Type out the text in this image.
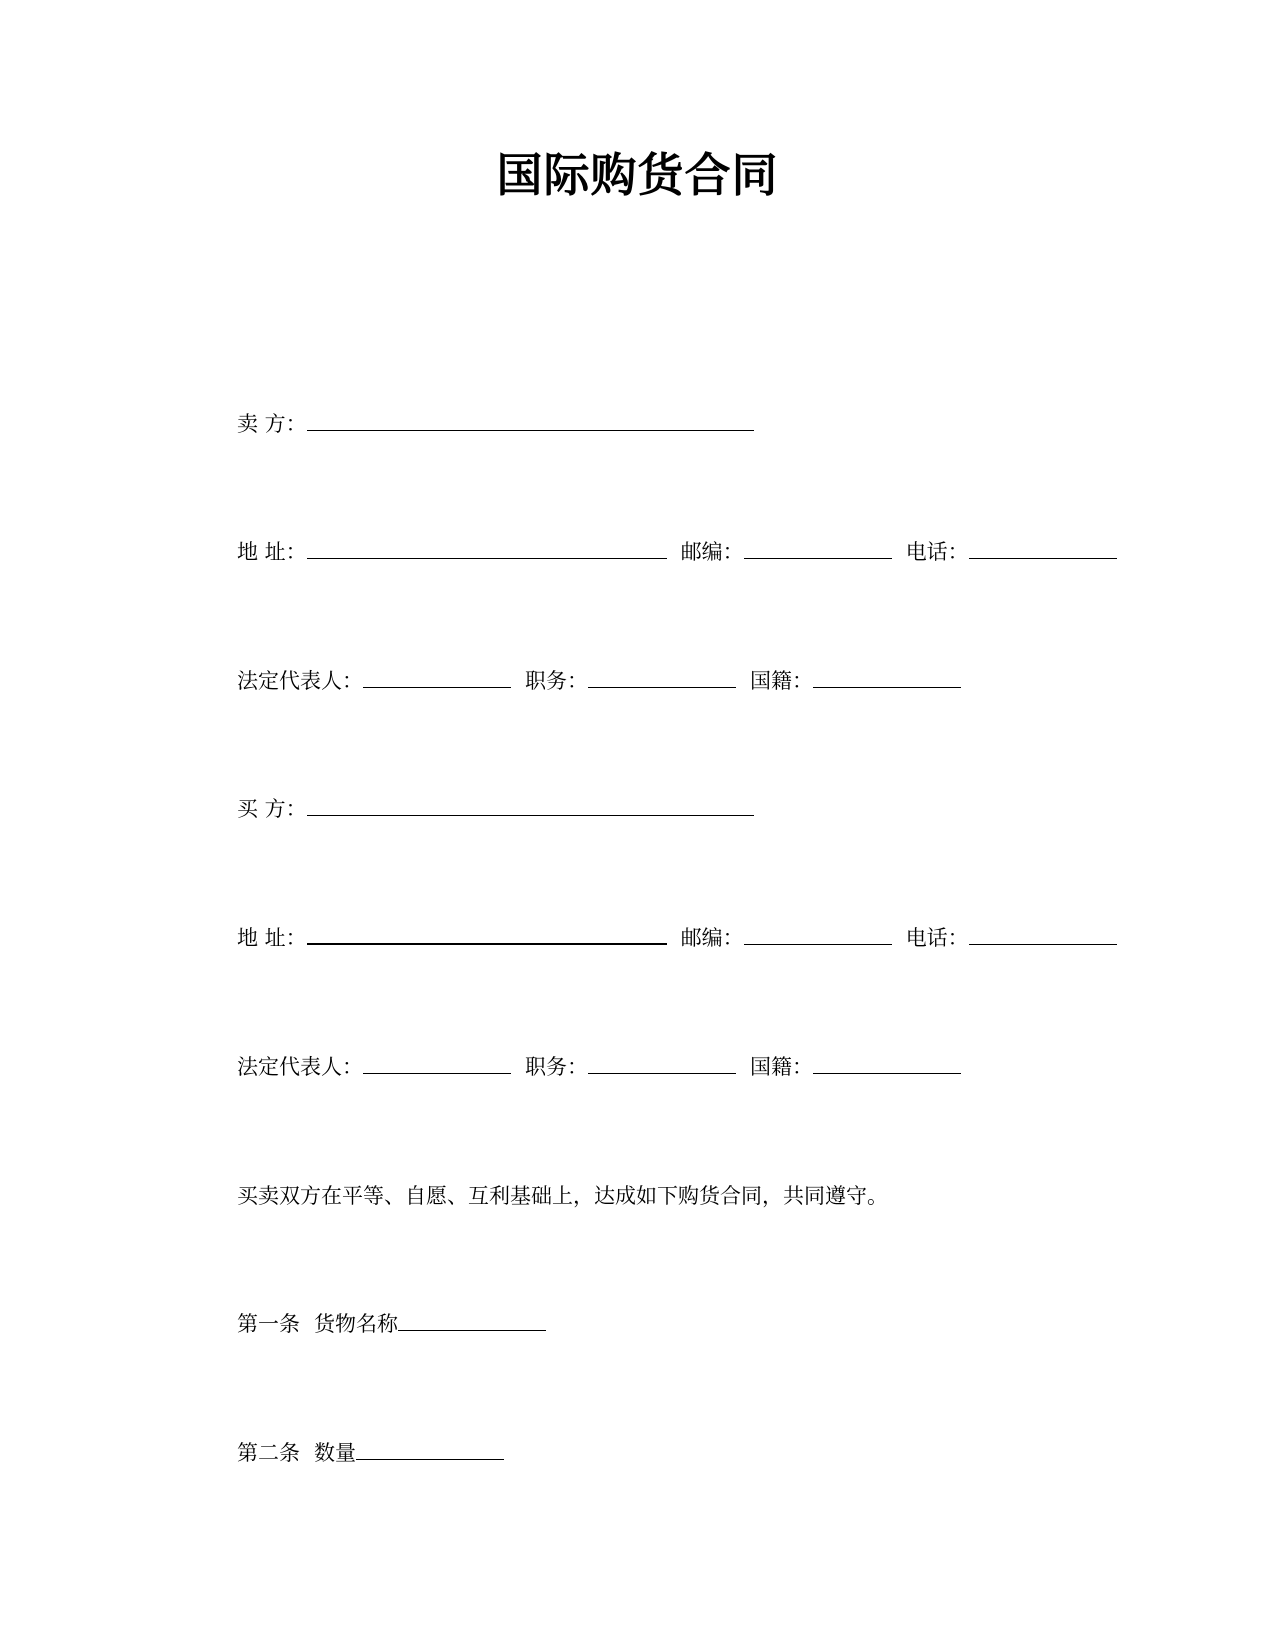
国际购货合同
卖 方：
地 址：	邮编：	电话：
法定代表人：	职务：	国籍：
买 方：
地 址：	邮编：	电话：
法定代表人：	职务：	国籍：
买卖双方在平等、自愿、互利基础上，达成如下购货合同，共同遵守。
第一条 货物名称
第二条 数量
